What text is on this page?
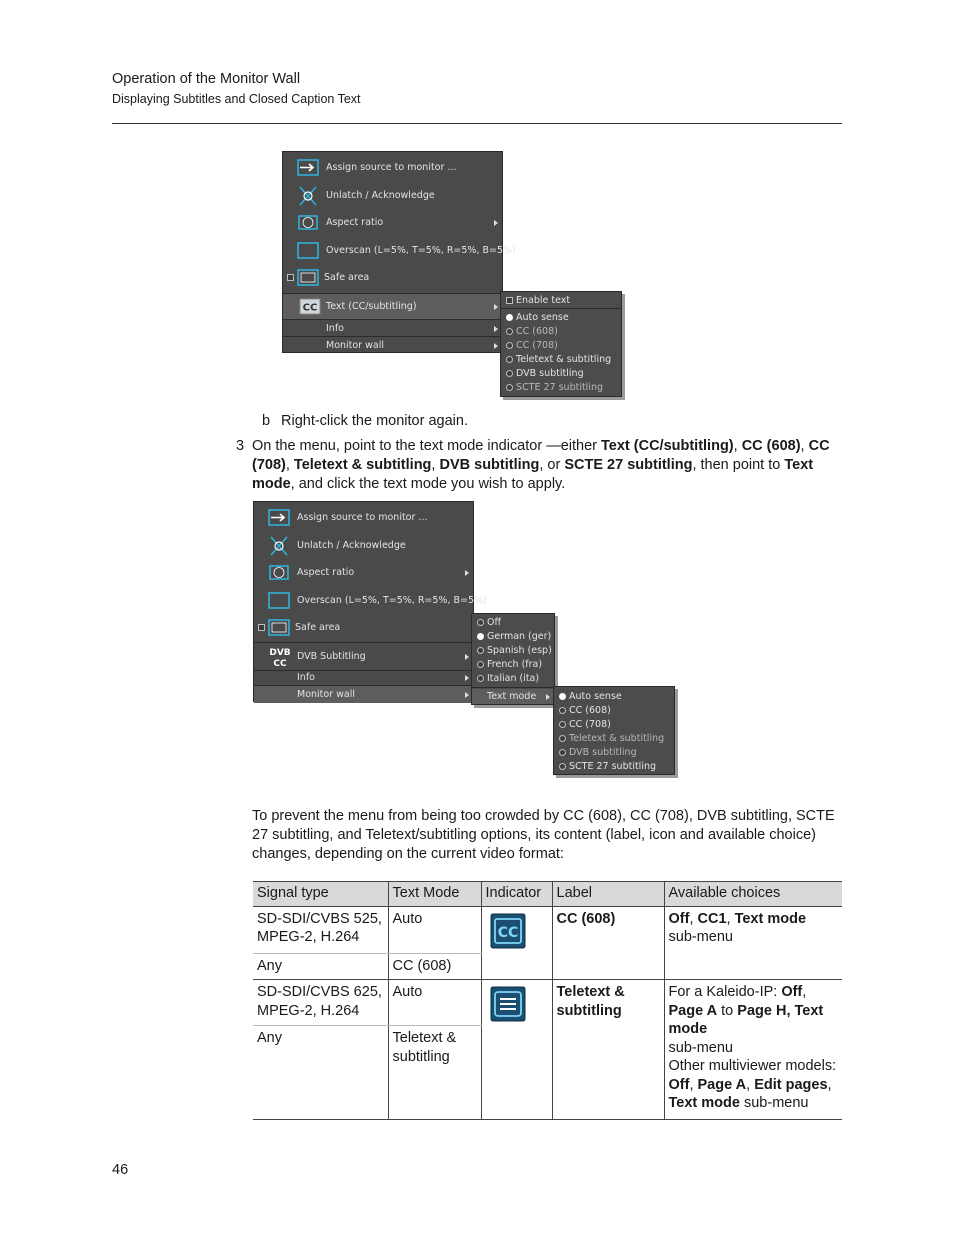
Operation of the Monitor Wall
Displaying Subtitles and Closed Caption Text
Assign source to monitor ...
Unlatch / Acknowledge
Aspect ratio
Overscan (L=5%, T=5%, R=5%, B=5%)
Safe area
CC Text (CC/subtitling)
Info
Monitor wall
Enable text
Auto sense
CC (608)
CC (708)
Teletext & subtitling
DVB subtitling
SCTE 27 subtitling
b Right-click the monitor again.
3 On the menu, point to the text mode indicator —either Text (CC/subtitling), CC (608), CC (708), Teletext & subtitling, DVB subtitling, or SCTE 27 subtitling, then point to Text mode, and click the text mode you wish to apply.
Assign source to monitor ...
Unlatch / Acknowledge
Aspect ratio
Overscan (L=5%, T=5%, R=5%, B=5%)
Safe area
DVB
CC
DVB Subtitling
Info
Monitor wall
Off
German (ger)
Spanish (esp)
French (fra)
Italian (ita)
Text mode	Auto sense
CC (608)
CC (708)
Teletext & subtitling
DVB subtitling
SCTE 27 subtitling
To prevent the menu from being too crowded by CC (608), CC (708), DVB subtitling, SCTE 27 subtitling, and Teletext/subtitling options, its content (label, icon and available choice) changes, depending on the current video format:
Signal type	Text Mode	Indicator	Label	Available choices
SD-SDI/CVBS 525, MPEG-2, H.264	Auto	CC	CC (608)	Off, CC1, Text mode sub-menu
Any	CC (608)			
SD-SDI/CVBS 625, MPEG-2, H.264	Auto		Teletext & subtitling	For a Kaleido-IP: Off, Page A to Page H, Text mode
sub-menu
Other multiviewer models: Off, Page A, Edit pages, Text mode sub-menu
Any	Teletext & subtitling			
46
